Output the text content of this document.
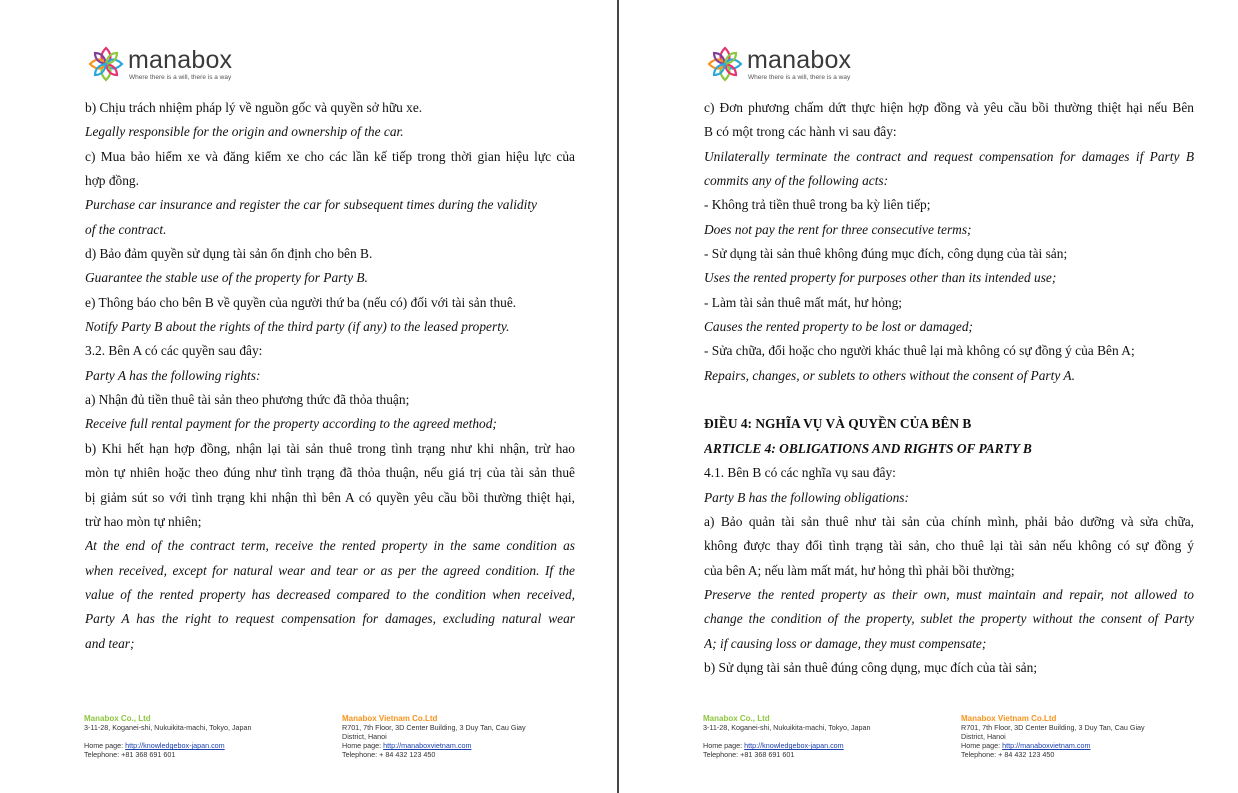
manabox
Where there is a will, there is a way
b) Chịu trách nhiệm pháp lý về nguồn gốc và quyền sở hữu xe.
Legally responsible for the origin and ownership of the car.
c) Mua bảo hiểm xe và đăng kiểm xe cho các lần kế tiếp trong thời gian hiệu lực của
hợp đồng.
Purchase car insurance and register the car for subsequent times during the validity
of the contract.
d) Bảo đảm quyền sử dụng tài sản ổn định cho bên B.
Guarantee the stable use of the property for Party B.
e) Thông báo cho bên B về quyền của người thứ ba (nếu có) đối với tài sản thuê.
Notify Party B about the rights of the third party (if any) to the leased property.
3.2. Bên A có các quyền sau đây:
Party A has the following rights:
a) Nhận đủ tiền thuê tài sản theo phương thức đã thỏa thuận;
Receive full rental payment for the property according to the agreed method;
b) Khi hết hạn hợp đồng, nhận lại tài sản thuê trong tình trạng như khi nhận, trừ hao
mòn tự nhiên hoặc theo đúng như tình trạng đã thỏa thuận, nếu giá trị của tài sản thuê
bị giảm sút so với tình trạng khi nhận thì bên A có quyền yêu cầu bồi thường thiệt hại,
trừ hao mòn tự nhiên;
At the end of the contract term, receive the rented property in the same condition as
when received, except for natural wear and tear or as per the agreed condition. If the
value of the rented property has decreased compared to the condition when received,
Party A has the right to request compensation for damages, excluding natural wear
and tear;
Manabox Co., Ltd
3-11-28, Koganei-shi, Nukuikita-machi, Tokyo, Japan
Home page: http://knowledgebox-japan.com
Telephone: +81 368 691 601
Manabox Vietnam Co.Ltd
R701, 7th Floor, 3D Center Building, 3 Duy Tan, Cau Giay
District, Hanoi
Home page: http://manaboxvietnam.com
Telephone: + 84 432 123 450
manabox
Where there is a will, there is a way
c) Đơn phương chấm dứt thực hiện hợp đồng và yêu cầu bồi thường thiệt hại nếu Bên
B có một trong các hành vi sau đây:
Unilaterally terminate the contract and request compensation for damages if Party B
commits any of the following acts:
- Không trả tiền thuê trong ba kỳ liên tiếp;
Does not pay the rent for three consecutive terms;
- Sử dụng tài sản thuê không đúng mục đích, công dụng của tài sản;
Uses the rented property for purposes other than its intended use;
- Làm tài sản thuê mất mát, hư hỏng;
Causes the rented property to be lost or damaged;
- Sửa chữa, đổi hoặc cho người khác thuê lại mà không có sự đồng ý của Bên A;
Repairs, changes, or sublets to others without the consent of Party A.
ĐIỀU 4: NGHĨA VỤ VÀ QUYỀN CỦA BÊN B
ARTICLE 4: OBLIGATIONS AND RIGHTS OF PARTY B
4.1. Bên B có các nghĩa vụ sau đây:
Party B has the following obligations:
a) Bảo quản tài sản thuê như tài sản của chính mình, phải bảo dưỡng và sửa chữa,
không được thay đổi tình trạng tài sản, cho thuê lại tài sản nếu không có sự đồng ý
của bên A; nếu làm mất mát, hư hỏng thì phải bồi thường;
Preserve the rented property as their own, must maintain and repair, not allowed to
change the condition of the property, sublet the property without the consent of Party
A; if causing loss or damage, they must compensate;
b) Sử dụng tài sản thuê đúng công dụng, mục đích của tài sản;
Manabox Co., Ltd
3-11-28, Koganei-shi, Nukuikita-machi, Tokyo, Japan
Home page: http://knowledgebox-japan.com
Telephone: +81 368 691 601
Manabox Vietnam Co.Ltd
R701, 7th Floor, 3D Center Building, 3 Duy Tan, Cau Giay
District, Hanoi
Home page: http://manaboxvietnam.com
Telephone: + 84 432 123 450
